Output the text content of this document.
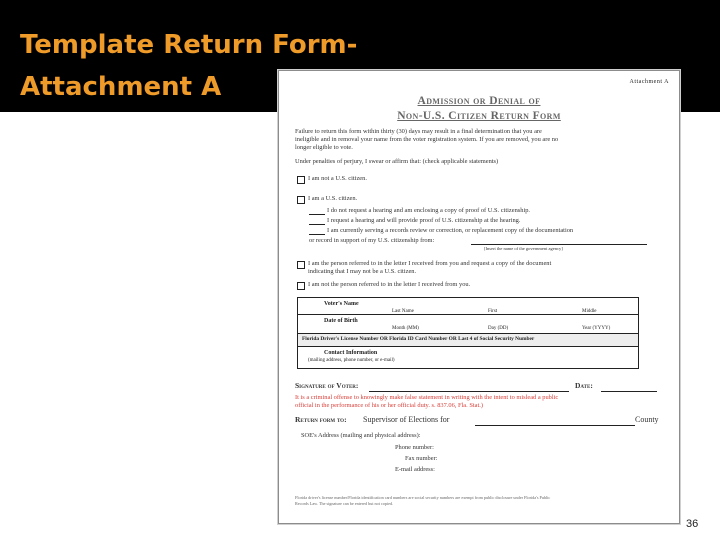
Template Return Form-
Attachment A	Attachment A
Admission or Denial of
Non-U.S. Citizen Return Form
Failure to return this form within thirty (30) days may result in a final determination that you are
ineligible and in removal your name from the voter registration system. If you are removed, you are no
longer eligible to vote.
Under penalties of perjury, I swear or affirm that: (check applicable statements)
I am not a U.S. citizen.
I am a U.S. citizen.
I do not request a hearing and am enclosing a copy of proof of U.S. citizenship.
I request a hearing and will provide proof of U.S. citizenship at the hearing.
I am currently serving a records review or correction, or replacement copy of the documentation
or record in support of my U.S. citizenship from:
[Insert the name of the government agency]
I am the person referred to in the letter I received from you and request a copy of the document
indicating that I may not be a U.S. citizen.
I am not the person referred to in the letter I received from you.
Voter's Name
Last Name	First	Middle
Date of Birth
Month (MM)	Day (DD)	Year (YYYY)
Florida Driver's License Number OR Florida ID Card Number OR Last 4 of Social Security Number
Contact Information
(mailing address, phone number, or e-mail)
Signature of Voter:	Date:
It is a criminal offense to knowingly make false statement in writing with the intent to mislead a public
official in the performance of his or her official duty. s. 837.06, Fla. Stat.)
Return form to: Supervisor of Elections for	County
SOE's Address (mailing and physical address):
Phone number:
Fax number:
E-mail address:
Florida driver's license number/Florida identification card numbers are social security numbers are exempt from public disclosure under Florida's Public
Records Law. The signature can be entered but not copied.
36
